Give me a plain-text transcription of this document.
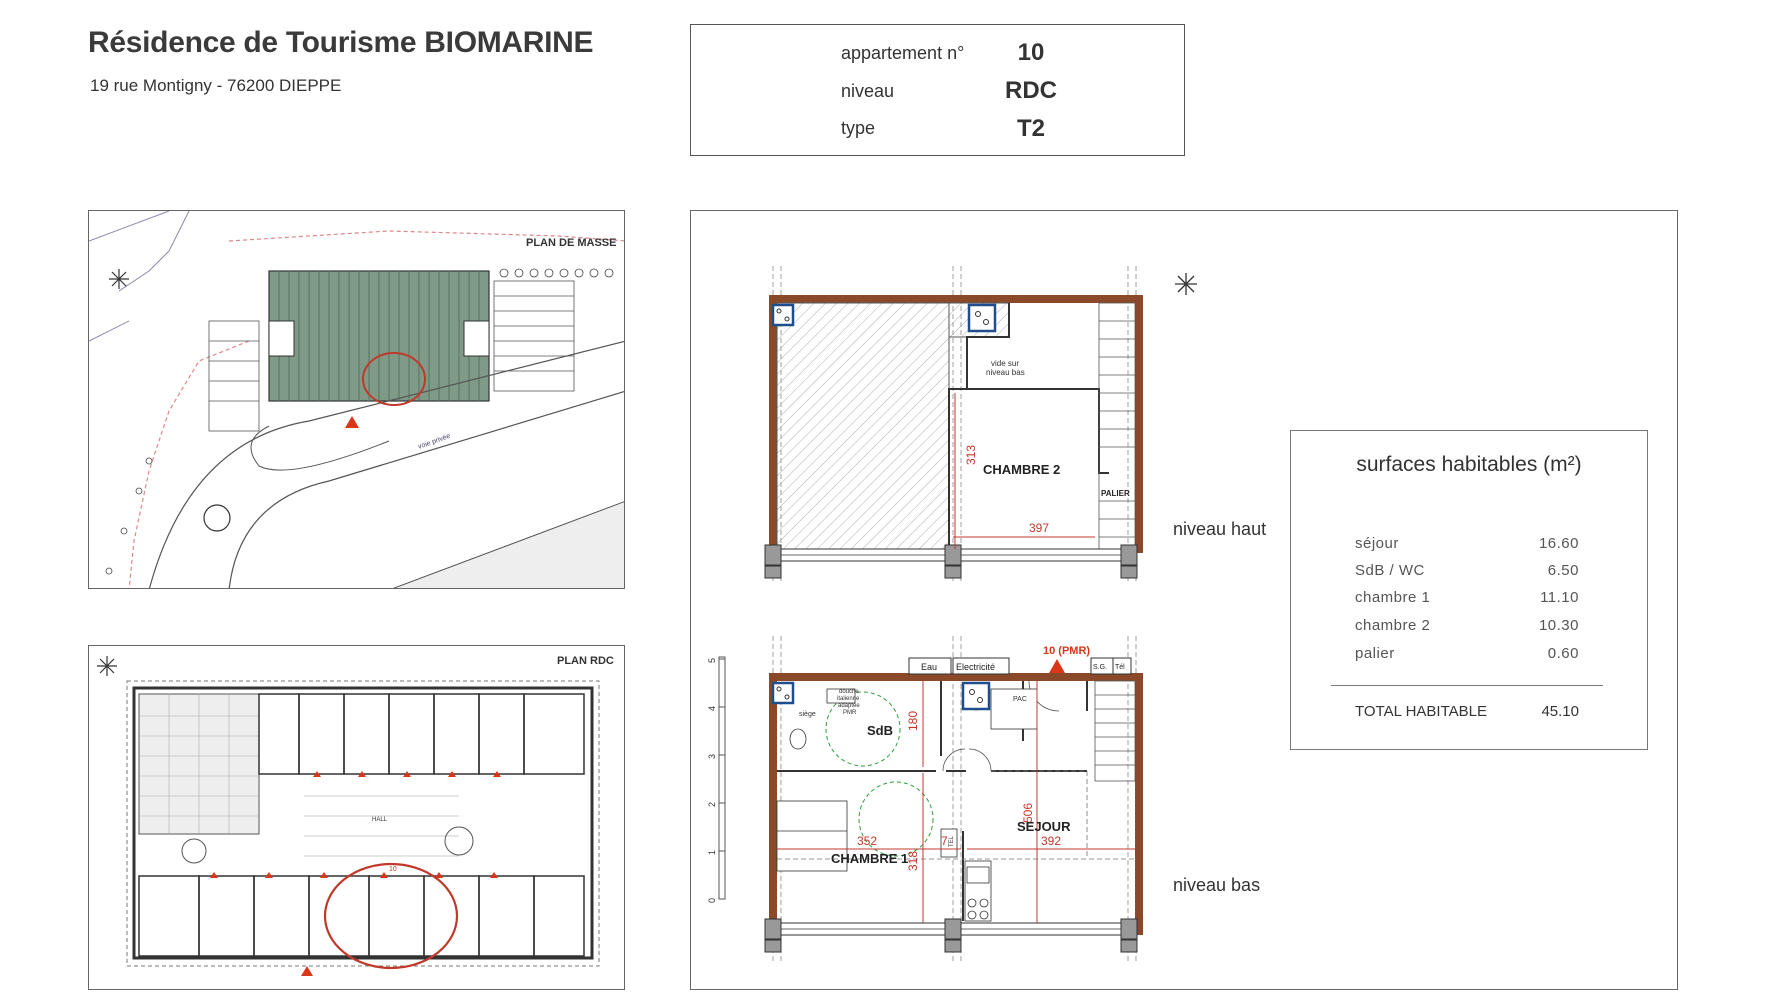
Résidence de Tourisme BIOMARINE
19 rue Montigny - 76200 DIEPPE
appartement n°	10
niveau	RDC
type	T2
voie privée
PLAN DE MASSE
HALL
10
PLAN RDC
CHAMBRE 2
PALIER
vide sur
niveau bas
397
313
Eau Electricité	S.G. Tél
10 (PMR)
siège
douche
italienne
adaptée
PMR
PAC
TEL
180
352
318
7
506
392
SdB
CHAMBRE 1
SEJOUR
0
1
2
3
4
5
niveau haut
niveau bas
surfaces habitables (m²)
séjour	16.60
SdB / WC	6.50
chambre 1	11.10
chambre 2	10.30
palier	0.60
TOTAL HABITABLE	45.10
